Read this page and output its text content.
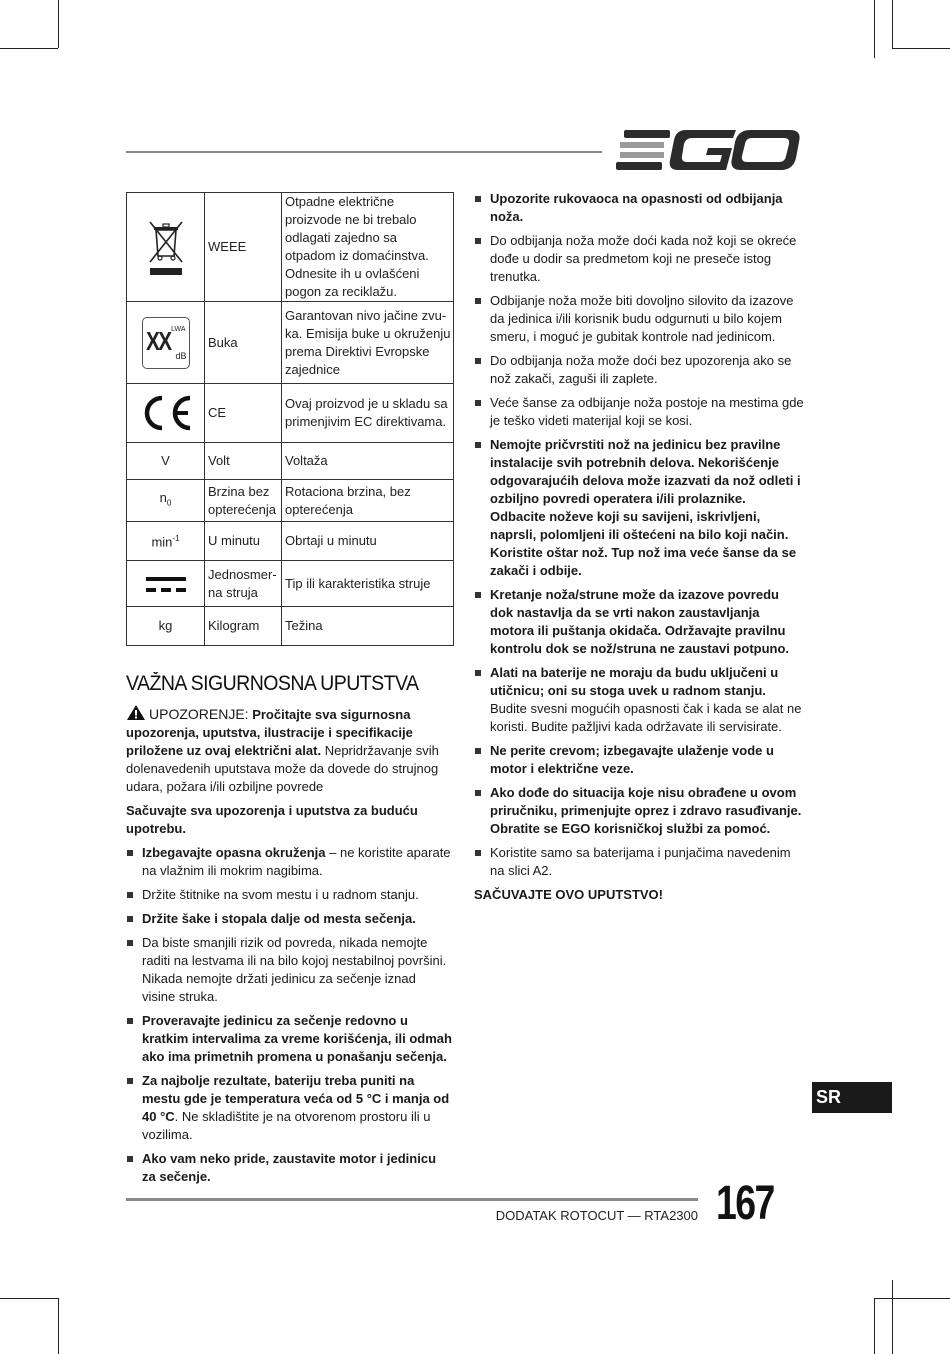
	WEEE	Otpadne električne proizvode ne bi trebalo odlagati zajedno sa otpadom iz domaćinstva. Odnesite ih u ovlašćeni pogon za reciklažu.

LWA
XX dB	Buka	Garantovan nivo jačine zvuka. Emisija buke u okruženju prema Direktivi Evropske zajednice

	CE	Ovaj proizvod je u skladu sa primenjivim EC direktivama.
V	Volt	Voltaža
$n_0$	Brzina bez opterećenja	Rotaciona brzina, bez opterećenja
$\min^{-1}$	U minutu	Obrtaji u minutu

	Jednosmerna struja	Tip ili karakteristika struje
kg	Kilogram	Težina
VAŽNA SIGURNOSNA UPUTSTVA

UPOZORENJE: Pročitajte sva sigurnosna upozorenja, uputstva, ilustracije i specifikacije priložene uz ovaj električni alat. Nepridržavanje svih dolenavedenih uputstava može da dovede do strujnog udara, požara i/ili ozbiljne povrede

Sačuvajte sva upozorenja i uputstva za buduću upotrebu.

Izbegavajte opasna okruženja – ne koristite aparate na vlažnim ili mokrim nagibima.
Držite štitnike na svom mestu i u radnom stanju.
Držite šake i stopala dalje od mesta sečenja.
Da biste smanjili rizik od povreda, nikada nemojte raditi na lestvama ili na bilo kojoj nestabilnoj površini. Nikada nemojte držati jedinicu za sečenje iznad visine struka.
Proveravajte jedinicu za sečenje redovno u kratkim intervalima za vreme korišćenja, ili odmah ako ima primetnih promena u ponašanju sečenja.
Za najbolje rezultate, bateriju treba puniti na mestu gde je temperatura veća od 5 °C i manja od 40 °C. Ne skladištite je na otvorenom prostoru ili u vozilima.
Ako vam neko pride, zaustavite motor i jedinicu za sečenje.
Upozorite rukovaoca na opasnosti od odbijanja noža.
Do odbijanja noža može doći kada nož koji se okreće dođe u dodir sa predmetom koji ne preseče istog trenutka.
Odbijanje noža može biti dovoljno silovito da izazove da jedinica i/ili korisnik budu odgurnuti u bilo kojem smeru, i moguć je gubitak kontrole nad jedinicom.
Do odbijanja noža može doći bez upozorenja ako se nož zakači, zaguši ili zaplete.
Veće šanse za odbijanje noža postoje na mestima gde je teško videti materijal koji se kosi.
Nemojte pričvrstiti nož na jedinicu bez pravilne instalacije svih potrebnih delova. Nekorišćenje odgovarajućih delova može izazvati da nož odleti i ozbiljno povredi operatera i/ili prolaznike. Odbacite noževe koji su savijeni, iskrivljeni, naprsli, polomljeni ili oštećeni na bilo koji način. Koristite oštar nož. Tup nož ima veće šanse da se zakači i odbije.
Kretanje noža/strune može da izazove povredu dok nastavlja da se vrti nakon zaustavljanja motora ili puštanja okidača. Održavajte pravilnu kontrolu dok se nož/struna ne zaustavi potpuno.
Alati na baterije ne moraju da budu uključeni u utičnicu; oni su stoga uvek u radnom stanju. Budite svesni mogućih opasnosti čak i kada se alat ne koristi. Budite pažljivi kada održavate ili servisirate.
Ne perite crevom; izbegavajte ulaženje vode u motor i električne veze.
Ako dođe do situacija koje nisu obrađene u ovom priručniku, primenjujte oprez i zdravo rasuđivanje. Obratite se EGO korisničkoj službi za pomoć.
Koristite samo sa baterijama i punjačima navedenim na slici A2.

SAČUVAJTE OVO UPUTSTVO!

SR
DODATAK ROTOCUT — RTA2300 167
